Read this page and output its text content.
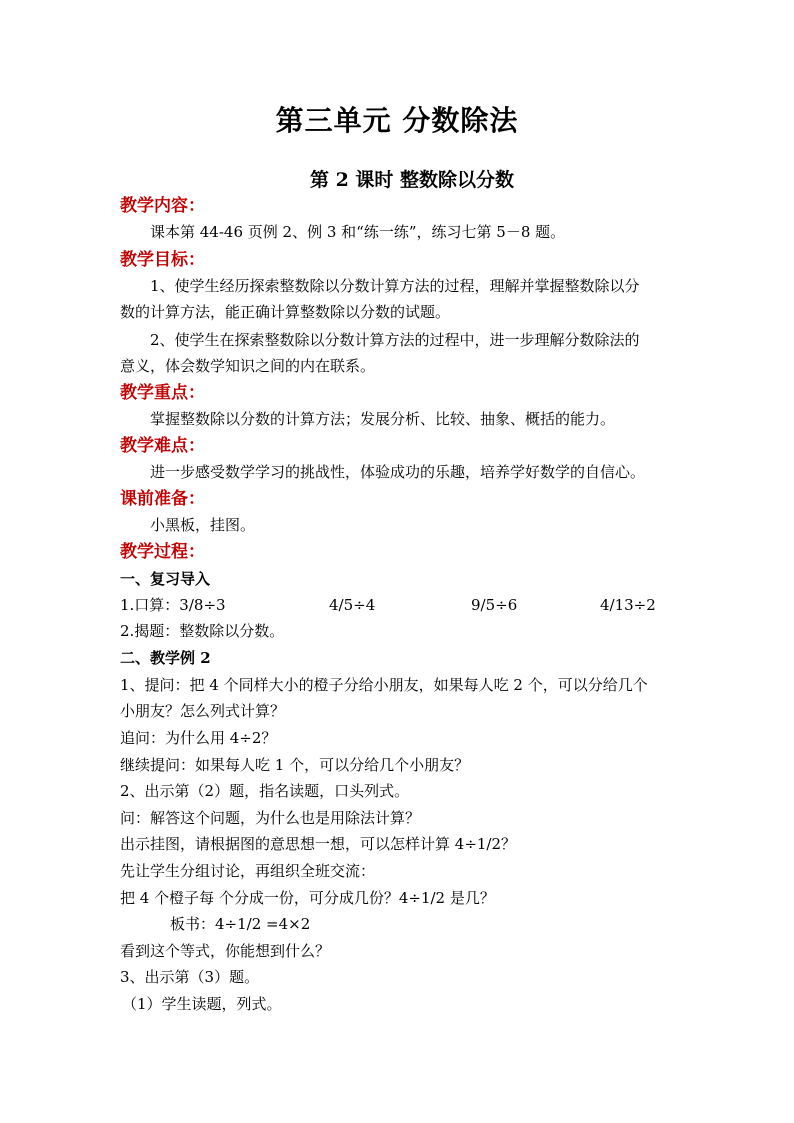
第三单元 分数除法
第 2 课时 整数除以分数
教学内容：
课本第 44-46 页例 2、例 3 和“练一练”，练习七第 5－8 题。
教学目标：
1、使学生经历探索整数除以分数计算方法的过程，理解并掌握整数除以分
数的计算方法，能正确计算整数除以分数的试题。
2、使学生在探索整数除以分数计算方法的过程中，进一步理解分数除法的
意义，体会数学知识之间的内在联系。
教学重点：
掌握整数除以分数的计算方法；发展分析、比较、抽象、概括的能力。
教学难点：
进一步感受数学学习的挑战性，体验成功的乐趣，培养学好数学的自信心。
课前准备：
小黑板，挂图。
教学过程：
一、复习导入
1.口算：3/8÷3	4/5÷4	9/5÷6	4/13÷2
2.揭题：整数除以分数。
二、教学例 2
1、提问：把 4 个同样大小的橙子分给小朋友，如果每人吃 2 个，可以分给几个
小朋友？怎么列式计算？
追问：为什么用 4÷2？
继续提问：如果每人吃 1 个，可以分给几个小朋友？
2、出示第（2）题，指名读题，口头列式。
问：解答这个问题，为什么也是用除法计算？
出示挂图，请根据图的意思想一想，可以怎样计算 4÷1/2？
先让学生分组讨论，再组织全班交流：
把 4 个橙子每 个分成一份，可分成几份？4÷1/2 是几？
板书：4÷1/2 =4×2
看到这个等式，你能想到什么？
3、出示第（3）题。
（1）学生读题，列式。
